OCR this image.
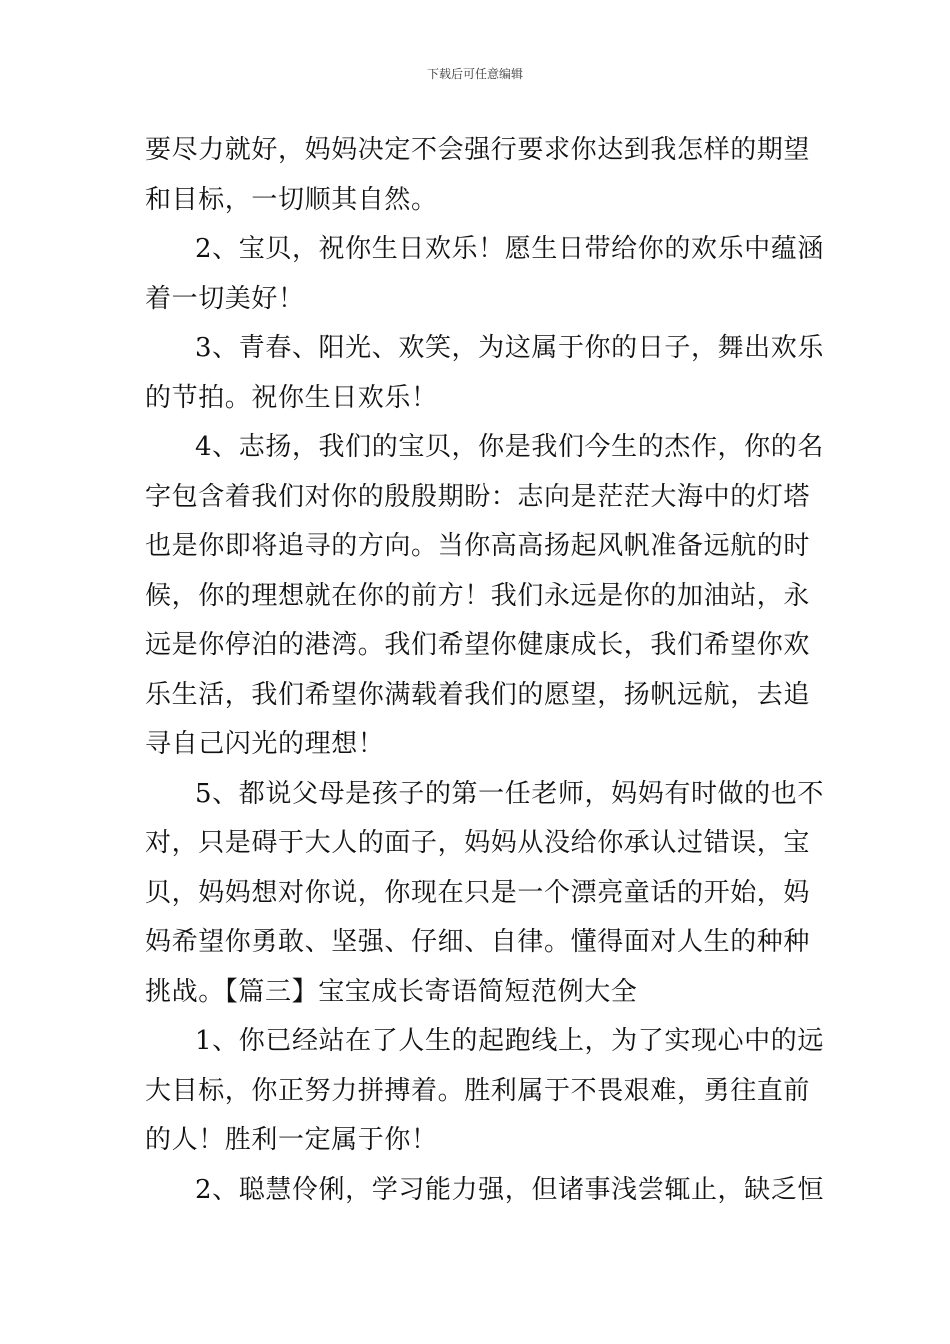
下载后可任意编辑
要尽力就好，妈妈决定不会强行要求你达到我怎样的期望
和目标，一切顺其自然。
2、宝贝，祝你生日欢乐！愿生日带给你的欢乐中蕴涵
着一切美好！
3、青春、阳光、欢笑，为这属于你的日子，舞出欢乐
的节拍。祝你生日欢乐！
4、志扬，我们的宝贝，你是我们今生的杰作，你的名
字包含着我们对你的殷殷期盼：志向是茫茫大海中的灯塔
也是你即将追寻的方向。当你高高扬起风帆准备远航的时
候，你的理想就在你的前方！我们永远是你的加油站，永
远是你停泊的港湾。我们希望你健康成长，我们希望你欢
乐生活，我们希望你满载着我们的愿望，扬帆远航，去追
寻自己闪光的理想！
5、都说父母是孩子的第一任老师，妈妈有时做的也不
对，只是碍于大人的面子，妈妈从没给你承认过错误，宝
贝，妈妈想对你说，你现在只是一个漂亮童话的开始，妈
妈希望你勇敢、坚强、仔细、自律。懂得面对人生的种种
挑战。【篇三】宝宝成长寄语简短范例大全
1、你已经站在了人生的起跑线上，为了实现心中的远
大目标，你正努力拼搏着。胜利属于不畏艰难，勇往直前
的人！胜利一定属于你！
2、聪慧伶俐，学习能力强，但诸事浅尝辄止，缺乏恒
